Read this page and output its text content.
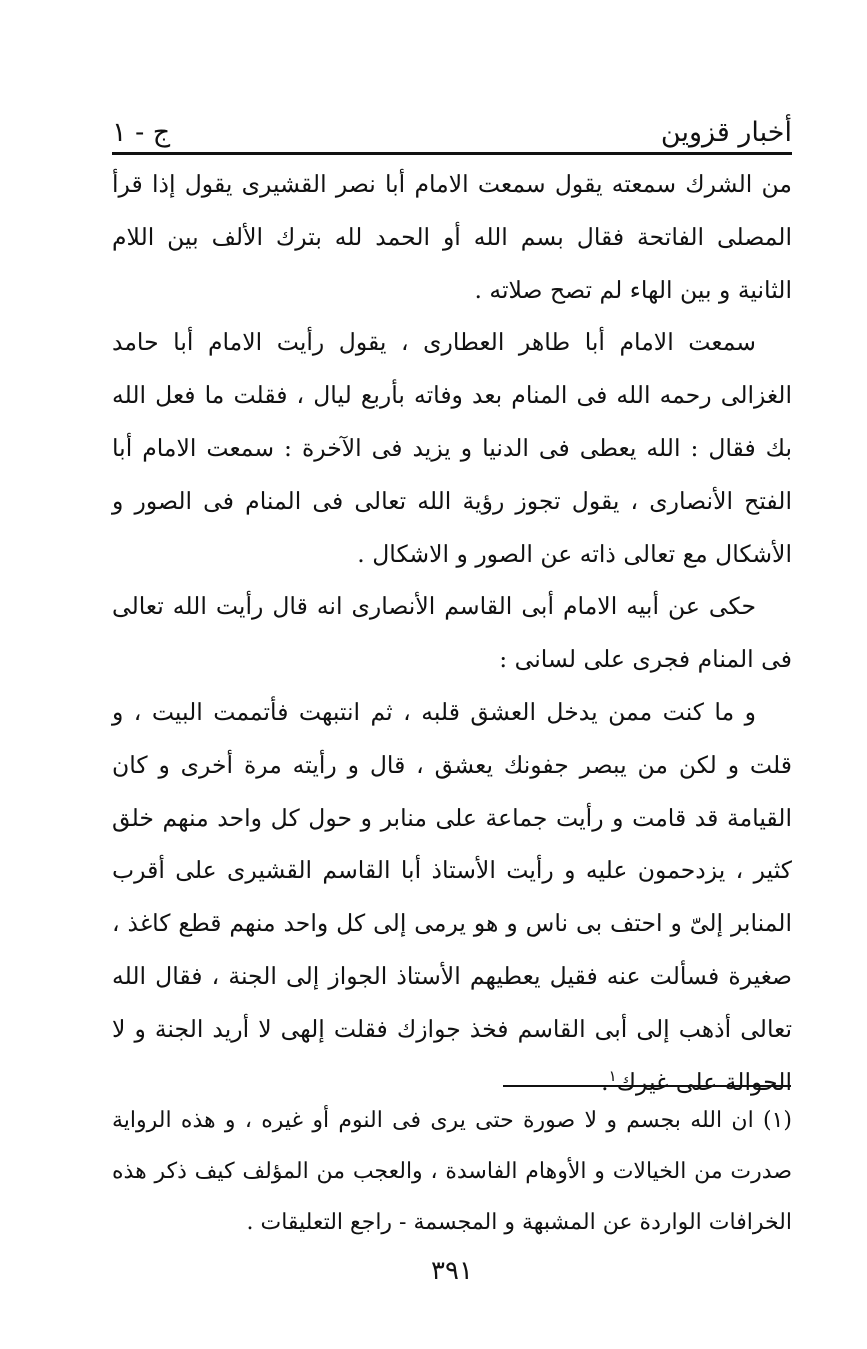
أخبار قزوين
ج - ١

من الشرك سمعته يقول سمعت الامام أبا نصر القشيرى يقول إذا قرأ المصلى الفاتحة فقال بسم الله أو الحمد لله بترك الألف بين اللام الثانية و بين الهاء لم تصح صلاته .

سمعت الامام أبا طاهر العطارى ، يقول رأيت الامام أبا حامد الغزالى رحمه الله فى المنام بعد وفاته بأربع ليال ، فقلت ما فعل الله بك فقال : الله يعطى فى الدنيا و يزيد فى الآخرة : سمعت الامام أبا الفتح الأنصارى ، يقول تجوز رؤية الله تعالى فى المنام فى الصور و الأشكال مع تعالى ذاته عن الصور و الاشكال .

حكى عن أبيه الامام أبى القاسم الأنصارى انه قال رأيت الله تعالى فى المنام فجرى على لسانى :

و ما كنت ممن يدخل العشق قلبه ، ثم انتبهت فأتممت البيت ، و قلت و لكن من يبصر جفونك يعشق ، قال و رأيته مرة أخرى و كان القيامة قد قامت و رأيت جماعة على منابر و حول كل واحد منهم خلق كثير ، يزدحمون عليه و رأيت الأستاذ أبا القاسم القشيرى على أقرب المنابر إلىّ و احتف بى ناس و هو يرمى إلى كل واحد منهم قطع كاغذ ، صغيرة فسألت عنه فقيل يعطيهم الأستاذ الجواز إلى الجنة ، فقال الله تعالى أذهب إلى أبى القاسم فخذ جوازك فقلت إلهى لا أريد الجنة و لا الحوالة على غيرك$^١$.

(١) ان الله بجسم و لا صورة حتى يرى فى النوم أو غيره ، و هذه الرواية صدرت من الخيالات و الأوهام الفاسدة ، والعجب من المؤلف كيف ذكر هذه الخرافات الواردة عن المشبهة و المجسمة - راجع التعليقات .

٣٩١
